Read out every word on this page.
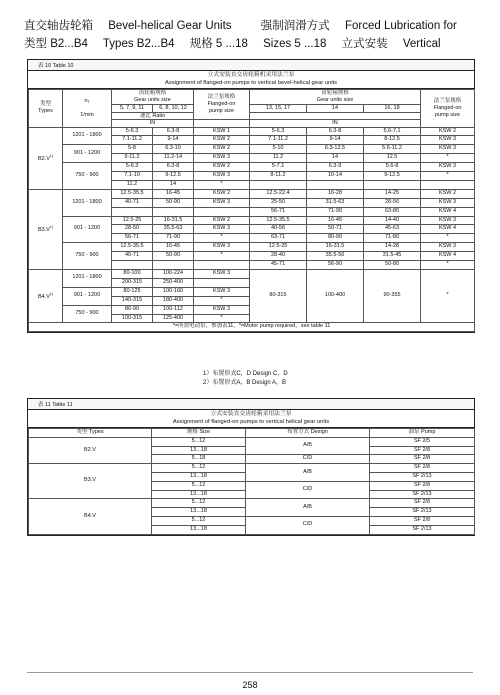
直交轴齿轮箱 Bevel-helical Gear Units	强制润滑方式 Forced Lubrication for
类型 B2...B4 Types B2...B4 规格 5 ...18 Sizes 5 ...18 立式安装 Vertical
表 10 Table 10
立式安装直交齿轮箱机采用法兰泵
Assignment of flanged-on pumps to vertical bevel-helical gear units
类型
Types	n₁

1/min	齿轮箱规格
Gear units size		法兰泵规格
Flanged-on
pump size	齿轮箱规格
Gear units size			法兰泵规格
Flanged-on
pump size
		5, 7, 9, 11	6, 8, 10, 12		13, 15, 17	14	16, 18	
		速比 Ratio						
		IN			IN			
$B2.V^{1)}$	1201 - 1800	5-6.3	6.3-8	KSW 1	5-6.3	6.3-8	5.6-7.1	KSW 2
		7.1-11.2	9-14	KSW 2	7.1-11.2	9-14	8-12.5	KSW 3
	901 - 1200	5-8	6.3-10	KSW 2	5-10	6.3-12.5	5.6-11.2	KSW 3
		9-11.2	11.2-14	KSW 3	11.2	14	12.5	*
	750 - 900	5-6.3	6.3-8	KSW 2	5-7.1	6.3-9	5.6-8	KSW 3
		7.1-10	9-12.5	KSW 3	8-11.2	10-14	9-12.5	*
		11.2	14	*				
$B3.V^{1)}$	1201 - 1800	12.5-35.5	16-45	KSW 2	12.5-22.4	16-28	14-25	KSW 2
		40-71	50-90	KSW 3	25-50	31.5-63	28-56	KSW 3
					56-71	71-90	63-80	KSW 4
	901 - 1200	12.5-25	16-31.5	KSW 2	12.5-35.5	16-45	14-40	KSW 3
		28-50	35.5-63	KSW 3	40-56	50-71	45-63	KSW 4
		56-71	71-90	*	63-71	80-90	71-80	*
	750 - 900	12.5-35.5	16-45	KSW 3	12.5-25	16-31.5	14-28	KSW 3
		40-71	50-90	*	28-40	35.5-50	31.5-45	KSW 4
					45-71	56-90	50-80	*
$B4.V^{1)}$	1201 - 1800	80-100	100-224	KSW 3	80-315	100-400	90-355	*
		200-315	250-400					
	901 - 1200	80-125	100-160	KSW 3				
		140-315	180-400	*				
	750 - 900	80-90	100-112	KSW 3				
		100-315	125-400	*				
*=所需电动泵，参加表11，*=Motor pump required，see table 11								
1）布置形式C，D Design C，D
2）布置形式A，B Design A，B
表 11 Table 11
立式安装直交齿轮箱采用法兰泵
Assignment of flanged-on pumps to vertical helical gear units
类型 Types	规格 Size	布置方式 Design	油泵 Pump
B2.V	5...12	A/B	SF 2/5
	13...18		SF 2/8
	5...18	C/D	SF 2/8
B3.V	5...12	A/B	SF 2/8
	13...18		SF 2/13
	5...12	C/D	SF 2/8
	13...18		SF 2/13
B4.V	5...12	A/B	SF 2/8
	13...18		SF 2/13
	5...12	C/D	SF 2/8
	13...18		SF 2/13
258
